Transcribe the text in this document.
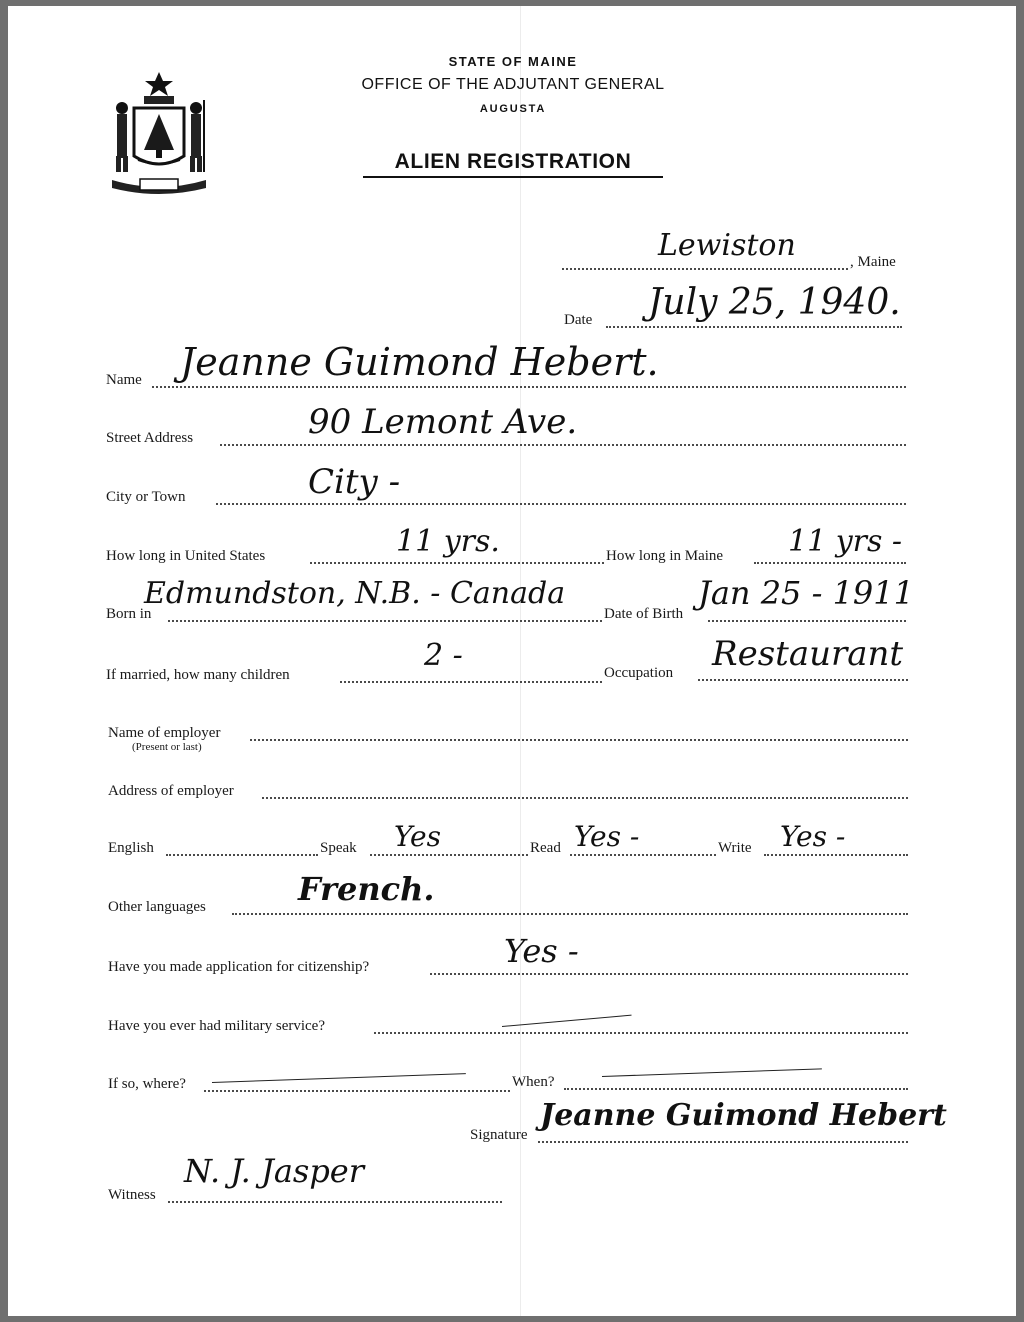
STATE OF MAINE
OFFICE OF THE ADJUTANT GENERAL
AUGUSTA
ALIEN REGISTRATION
Lewiston	, Maine
Date July 25, 1940.
Name Jeanne Guimond Hebert.
Street Address	90 Lemont Ave.
City or Town	City -
How long in United States	11 yrs.	How long in Maine 11 yrs -
Born in
Edmundston, N.B. - Canada
Date of Birth
Jan 25 - 1911
If married, how many children
2 -	Occupation Restaurant
Name of employer
(Present or last)
Address of employer
English	Speak Yes	Read Yes -	Write Yes -
Other languages	French.
Have you made application for citizenship?	Yes -
Have you ever had military service?
If so, where?	When?
Signature
Jeanne Guimond Hebert
Witness
N. J. Jasper
